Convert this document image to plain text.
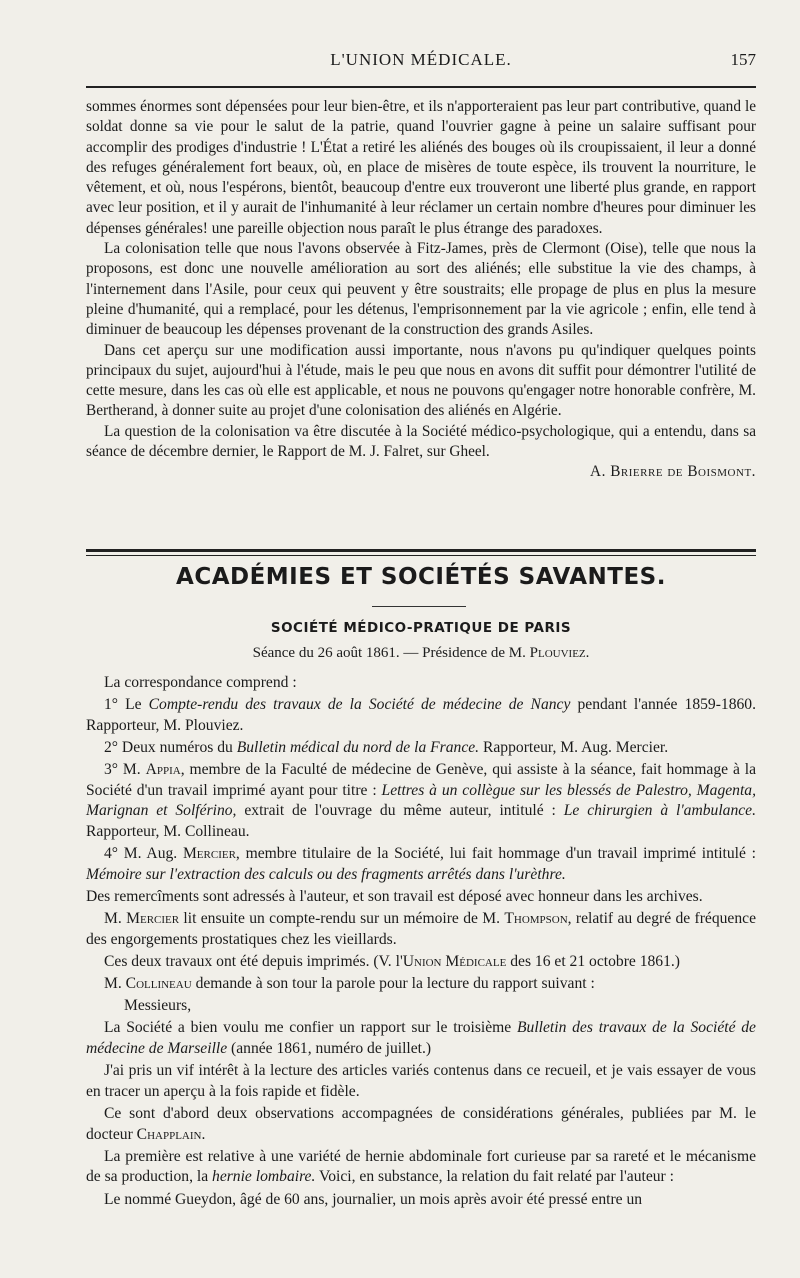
L'UNION MÉDICALE.	157

sommes énormes sont dépensées pour leur bien-être, et ils n'apporteraient pas leur part contributive, quand le soldat donne sa vie pour le salut de la patrie, quand l'ouvrier gagne à peine un salaire suffisant pour accomplir des prodiges d'industrie ! L'État a retiré les aliénés des bouges où ils croupissaient, il leur a donné des refuges généralement fort beaux, où, en place de misères de toute espèce, ils trouvent la nourriture, le vêtement, et où, nous l'espérons, bientôt, beaucoup d'entre eux trouveront une liberté plus grande, en rapport avec leur position, et il y aurait de l'inhumanité à leur réclamer un certain nombre d'heures pour diminuer les dépenses générales! une pareille objection nous paraît le plus étrange des paradoxes.

La colonisation telle que nous l'avons observée à Fitz-James, près de Clermont (Oise), telle que nous la proposons, est donc une nouvelle amélioration au sort des aliénés; elle substitue la vie des champs, à l'internement dans l'Asile, pour ceux qui peuvent y être soustraits; elle propage de plus en plus la mesure pleine d'humanité, qui a remplacé, pour les détenus, l'emprisonnement par la vie agricole ; enfin, elle tend à diminuer de beaucoup les dépenses provenant de la construction des grands Asiles.

Dans cet aperçu sur une modification aussi importante, nous n'avons pu qu'indiquer quelques points principaux du sujet, aujourd'hui à l'étude, mais le peu que nous en avons dit suffit pour démontrer l'utilité de cette mesure, dans les cas où elle est applicable, et nous ne pouvons qu'engager notre honorable confrère, M. Bertherand, à donner suite au projet d'une colonisation des aliénés en Algérie.

La question de la colonisation va être discutée à la Société médico-psychologique, qui a entendu, dans sa séance de décembre dernier, le Rapport de M. J. Falret, sur Gheel.

A. Brierre de Boismont.
ACADÉMIES ET SOCIÉTÉS SAVANTES.
SOCIÉTÉ MÉDICO-PRATIQUE DE PARIS
Séance du 26 août 1861. — Présidence de M. Plouviez.

La correspondance comprend :

1° Le Compte-rendu des travaux de la Société de médecine de Nancy pendant l'année 1859-1860. Rapporteur, M. Plouviez.

2° Deux numéros du Bulletin médical du nord de la France. Rapporteur, M. Aug. Mercier.

3° M. Appia, membre de la Faculté de médecine de Genève, qui assiste à la séance, fait hommage à la Société d'un travail imprimé ayant pour titre : Lettres à un collègue sur les blessés de Palestro, Magenta, Marignan et Solférino, extrait de l'ouvrage du même auteur, intitulé : Le chirurgien à l'ambulance. Rapporteur, M. Collineau.

4° M. Aug. Mercier, membre titulaire de la Société, lui fait hommage d'un travail imprimé intitulé : Mémoire sur l'extraction des calculs ou des fragments arrêtés dans l'urèthre.

Des remercîments sont adressés à l'auteur, et son travail est déposé avec honneur dans les archives.

M. Mercier lit ensuite un compte-rendu sur un mémoire de M. Thompson, relatif au degré de fréquence des engorgements prostatiques chez les vieillards.

Ces deux travaux ont été depuis imprimés. (V. l'Union Médicale des 16 et 21 octobre 1861.)

M. Collineau demande à son tour la parole pour la lecture du rapport suivant :

Messieurs,

La Société a bien voulu me confier un rapport sur le troisième Bulletin des travaux de la Société de médecine de Marseille (année 1861, numéro de juillet.)

J'ai pris un vif intérêt à la lecture des articles variés contenus dans ce recueil, et je vais essayer de vous en tracer un aperçu à la fois rapide et fidèle.

Ce sont d'abord deux observations accompagnées de considérations générales, publiées par M. le docteur Chapplain.

La première est relative à une variété de hernie abdominale fort curieuse par sa rareté et le mécanisme de sa production, la hernie lombaire. Voici, en substance, la relation du fait relaté par l'auteur :

Le nommé Gueydon, âgé de 60 ans, journalier, un mois après avoir été pressé entre un
